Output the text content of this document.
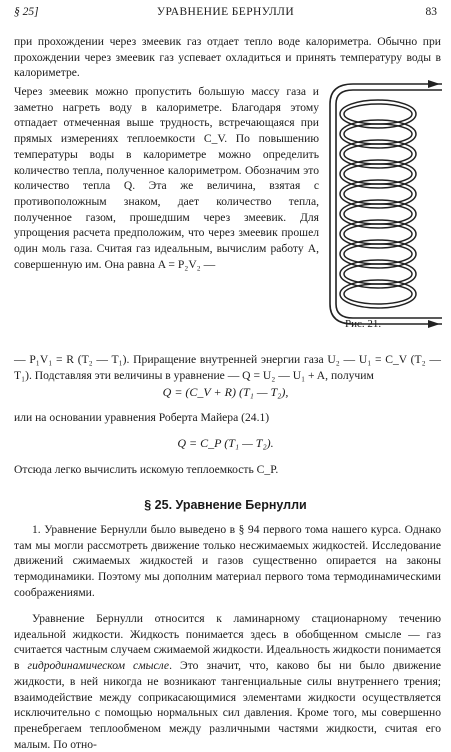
§ 25]	УРАВНЕНИЕ БЕРНУЛЛИ	83
при прохождении через змеевик газ отдает тепло воде калориметра. Обычно при прохождении через змеевик газ успевает охладиться и принять температуру воды в калориметре.
Через змеевик можно пропустить большую массу газа и заметно нагреть воду в калориметре. Благодаря этому отпадает отмеченная выше трудность, встречающаяся при прямых измерениях теплоемкости C_V. По повышению температуры воды в калориметре можно определить количество тепла, полученное калориметром. Обозначим это количество тепла Q. Эта же величина, взятая с противоположным знаком, дает количество тепла, полученное газом, прошедшим через змеевик. Для упрощения расчета предположим, что через змеевик прошел один моль газа. Считая газ идеальным, вычислим работу A, совершенную им. Она равна A = P₂V₂ —
Рис. 21.
— P₁V₁ = R (T₂ — T₁). Приращение внутренней энергии газа U₂ — U₁ = C_V (T₂ — T₁). Подставляя эти величины в уравнение — Q = U₂ — U₁ + A, получим
Q = (C_V + R) (T₁ — T₂),
или на основании уравнения Роберта Майера (24.1)
Q = C_P (T₁ — T₂).
Отсюда легко вычислить искомую теплоемкость C_P.
§ 25. Уравнение Бернулли
1. Уравнение Бернулли было выведено в § 94 первого тома нашего курса. Однако там мы могли рассмотреть движение только несжимаемых жидкостей. Исследование движений сжимаемых жидкостей и газов существенно опирается на законы термодинамики. Поэтому мы дополним материал первого тома термодинамическими соображениями.
Уравнение Бернулли относится к ламинарному стационарному течению идеальной жидкости. Жидкость понимается здесь в обобщенном смысле — газ считается частным случаем сжимаемой жидкости. Идеальность жидкости понимается в гидродинамическом смысле. Это значит, что, каково бы ни было движение жидкости, в ней никогда не возникают тангенциальные силы внутреннего трения; взаимодействие между соприкасающимися элементами жидкости осуществляется исключительно с помощью нормальных сил давления. Кроме того, мы совершенно пренебрегаем теплообменом между различными частями жидкости, считая его малым. По отно-
